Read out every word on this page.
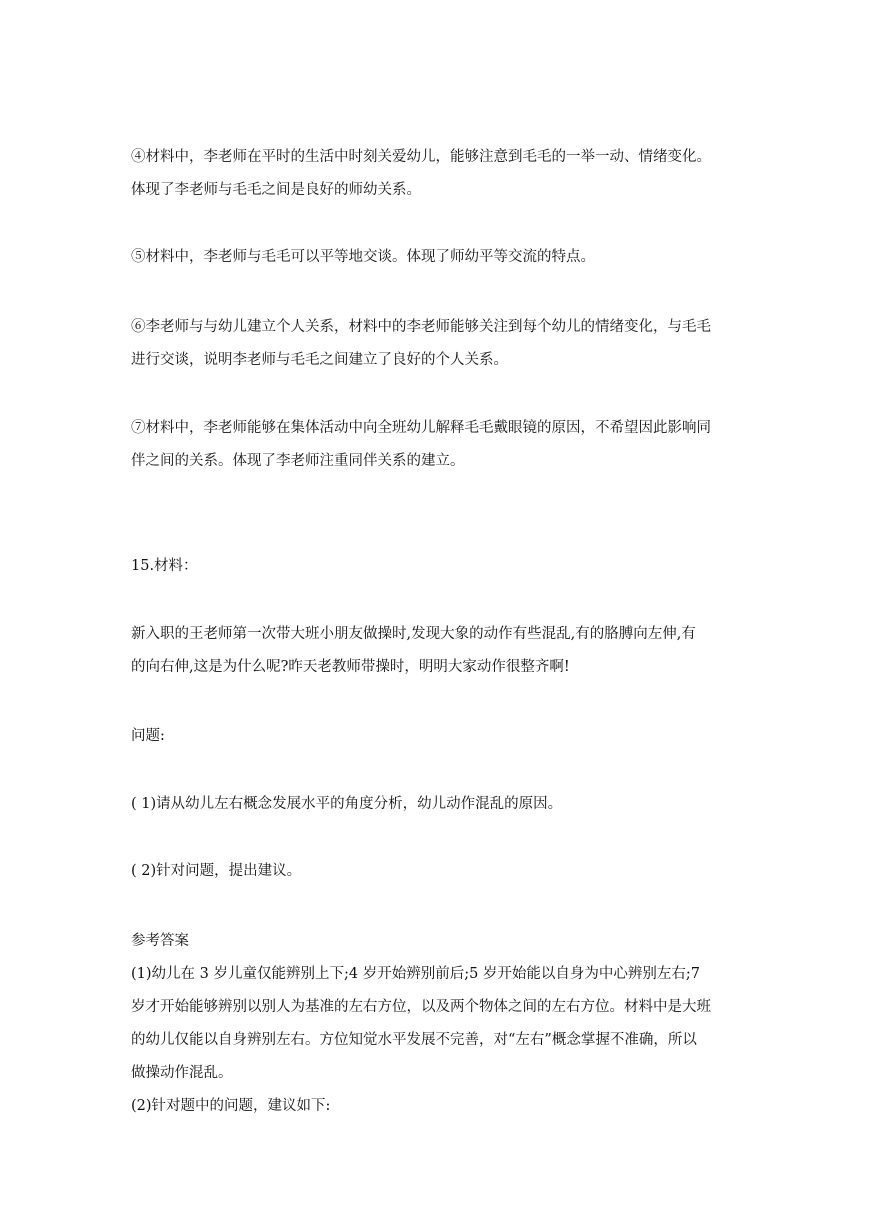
④材料中，李老师在平时的生活中时刻关爱幼儿，能够注意到毛毛的一举一动、情绪变化。
体现了李老师与毛毛之间是良好的师幼关系。

⑤材料中，李老师与毛毛可以平等地交谈。体现了师幼平等交流的特点。

⑥李老师与与幼儿建立个人关系，材料中的李老师能够关注到每个幼儿的情绪变化，与毛毛
进行交谈，说明李老师与毛毛之间建立了良好的个人关系。

⑦材料中，李老师能够在集体活动中向全班幼儿解释毛毛戴眼镜的原因，不希望因此影响同
伴之间的关系。体现了李老师注重同伴关系的建立。

15.材料：

新入职的王老师第一次带大班小朋友做操时,发现大象的动作有些混乱,有的胳膊向左伸,有
的向右伸,这是为什么呢?昨天老教师带操时，明明大家动作很整齐啊!

问题:

( 1)请从幼儿左右概念发展水平的角度分析，幼儿动作混乱的原因。

( 2)针对问题，提出建议。

参考答案
(1)幼儿在 3 岁儿童仅能辨别上下;4 岁开始辨别前后;5 岁开始能以自身为中心辨别左右;7
岁才开始能够辨别以别人为基准的左右方位，以及两个物体之间的左右方位。材料中是大班
的幼儿仅能以自身辨别左右。方位知觉水平发展不完善，对“左右”概念掌握不准确，所以
做操动作混乱。
(2)针对题中的问题，建议如下:
